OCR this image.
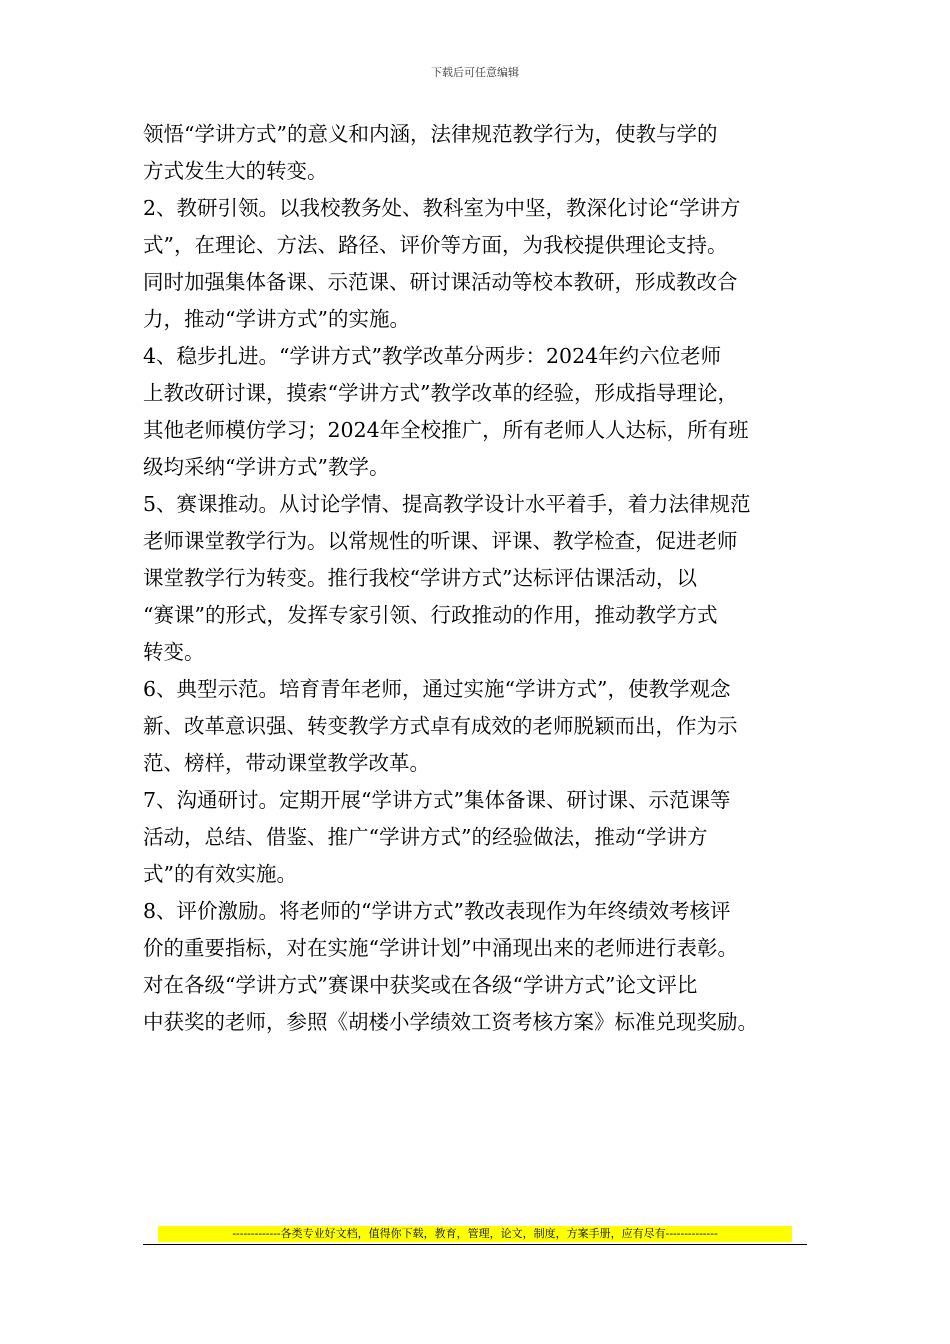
下载后可任意编辑
领悟“学讲方式”的意义和内涵，法律规范教学行为，使教与学的
方式发生大的转变。
2、教研引领。以我校教务处、教科室为中坚，教深化讨论“学讲方
式”，在理论、方法、路径、评价等方面，为我校提供理论支持。
同时加强集体备课、示范课、研讨课活动等校本教研，形成教改合
力，推动“学讲方式”的实施。
4、稳步扎进。“学讲方式”教学改革分两步：2024年约六位老师
上教改研讨课，摸索“学讲方式”教学改革的经验，形成指导理论，
其他老师模仿学习；2024年全校推广，所有老师人人达标，所有班
级均采纳“学讲方式”教学。
5、赛课推动。从讨论学情、提高教学设计水平着手，着力法律规范
老师课堂教学行为。以常规性的听课、评课、教学检查，促进老师
课堂教学行为转变。推行我校“学讲方式”达标评估课活动，以
“赛课”的形式，发挥专家引领、行政推动的作用，推动教学方式
转变。
6、典型示范。培育青年老师，通过实施“学讲方式”，使教学观念
新、改革意识强、转变教学方式卓有成效的老师脱颖而出，作为示
范、榜样，带动课堂教学改革。
7、沟通研讨。定期开展“学讲方式”集体备课、研讨课、示范课等
活动，总结、借鉴、推广“学讲方式”的经验做法，推动“学讲方
式”的有效实施。
8、评价激励。将老师的“学讲方式”教改表现作为年终绩效考核评
价的重要指标，对在实施“学讲计划”中涌现出来的老师进行表彰。
对在各级“学讲方式”赛课中获奖或在各级“学讲方式”论文评比
中获奖的老师，参照《胡楼小学绩效工资考核方案》标准兑现奖励。
-------------各类专业好文档，值得你下载，教育，管理，论文，制度，方案手册，应有尽有--------------
